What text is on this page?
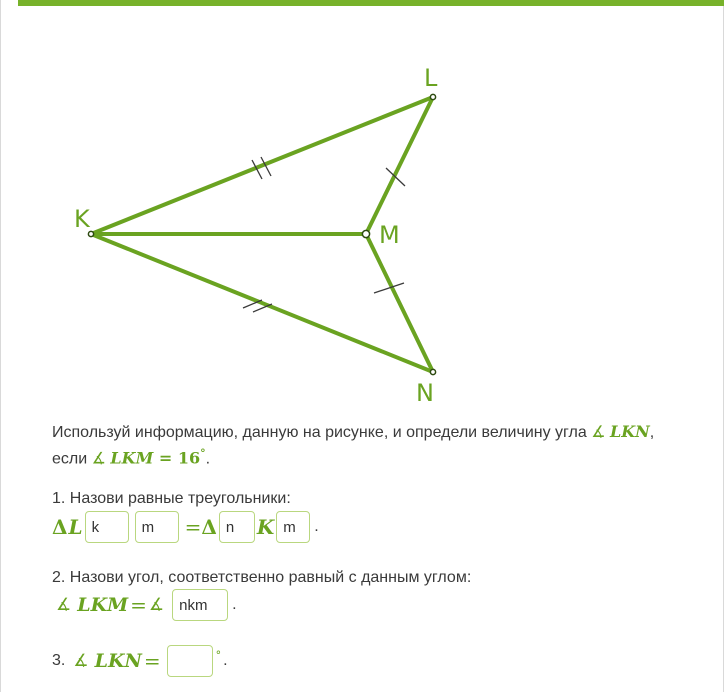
K
L
M
N
Используй информацию, данную на рисунке, и определи величину угла ∡ LKN,
если ∡ LKM = 16°.
1. Назови равные треугольники:
Δ L k	m	= Δ n	K m	.
2. Назови угол, соответственно равный с данным углом:
∡ LKM = ∡	nkm	.
3. ∡ LKN =	° .
